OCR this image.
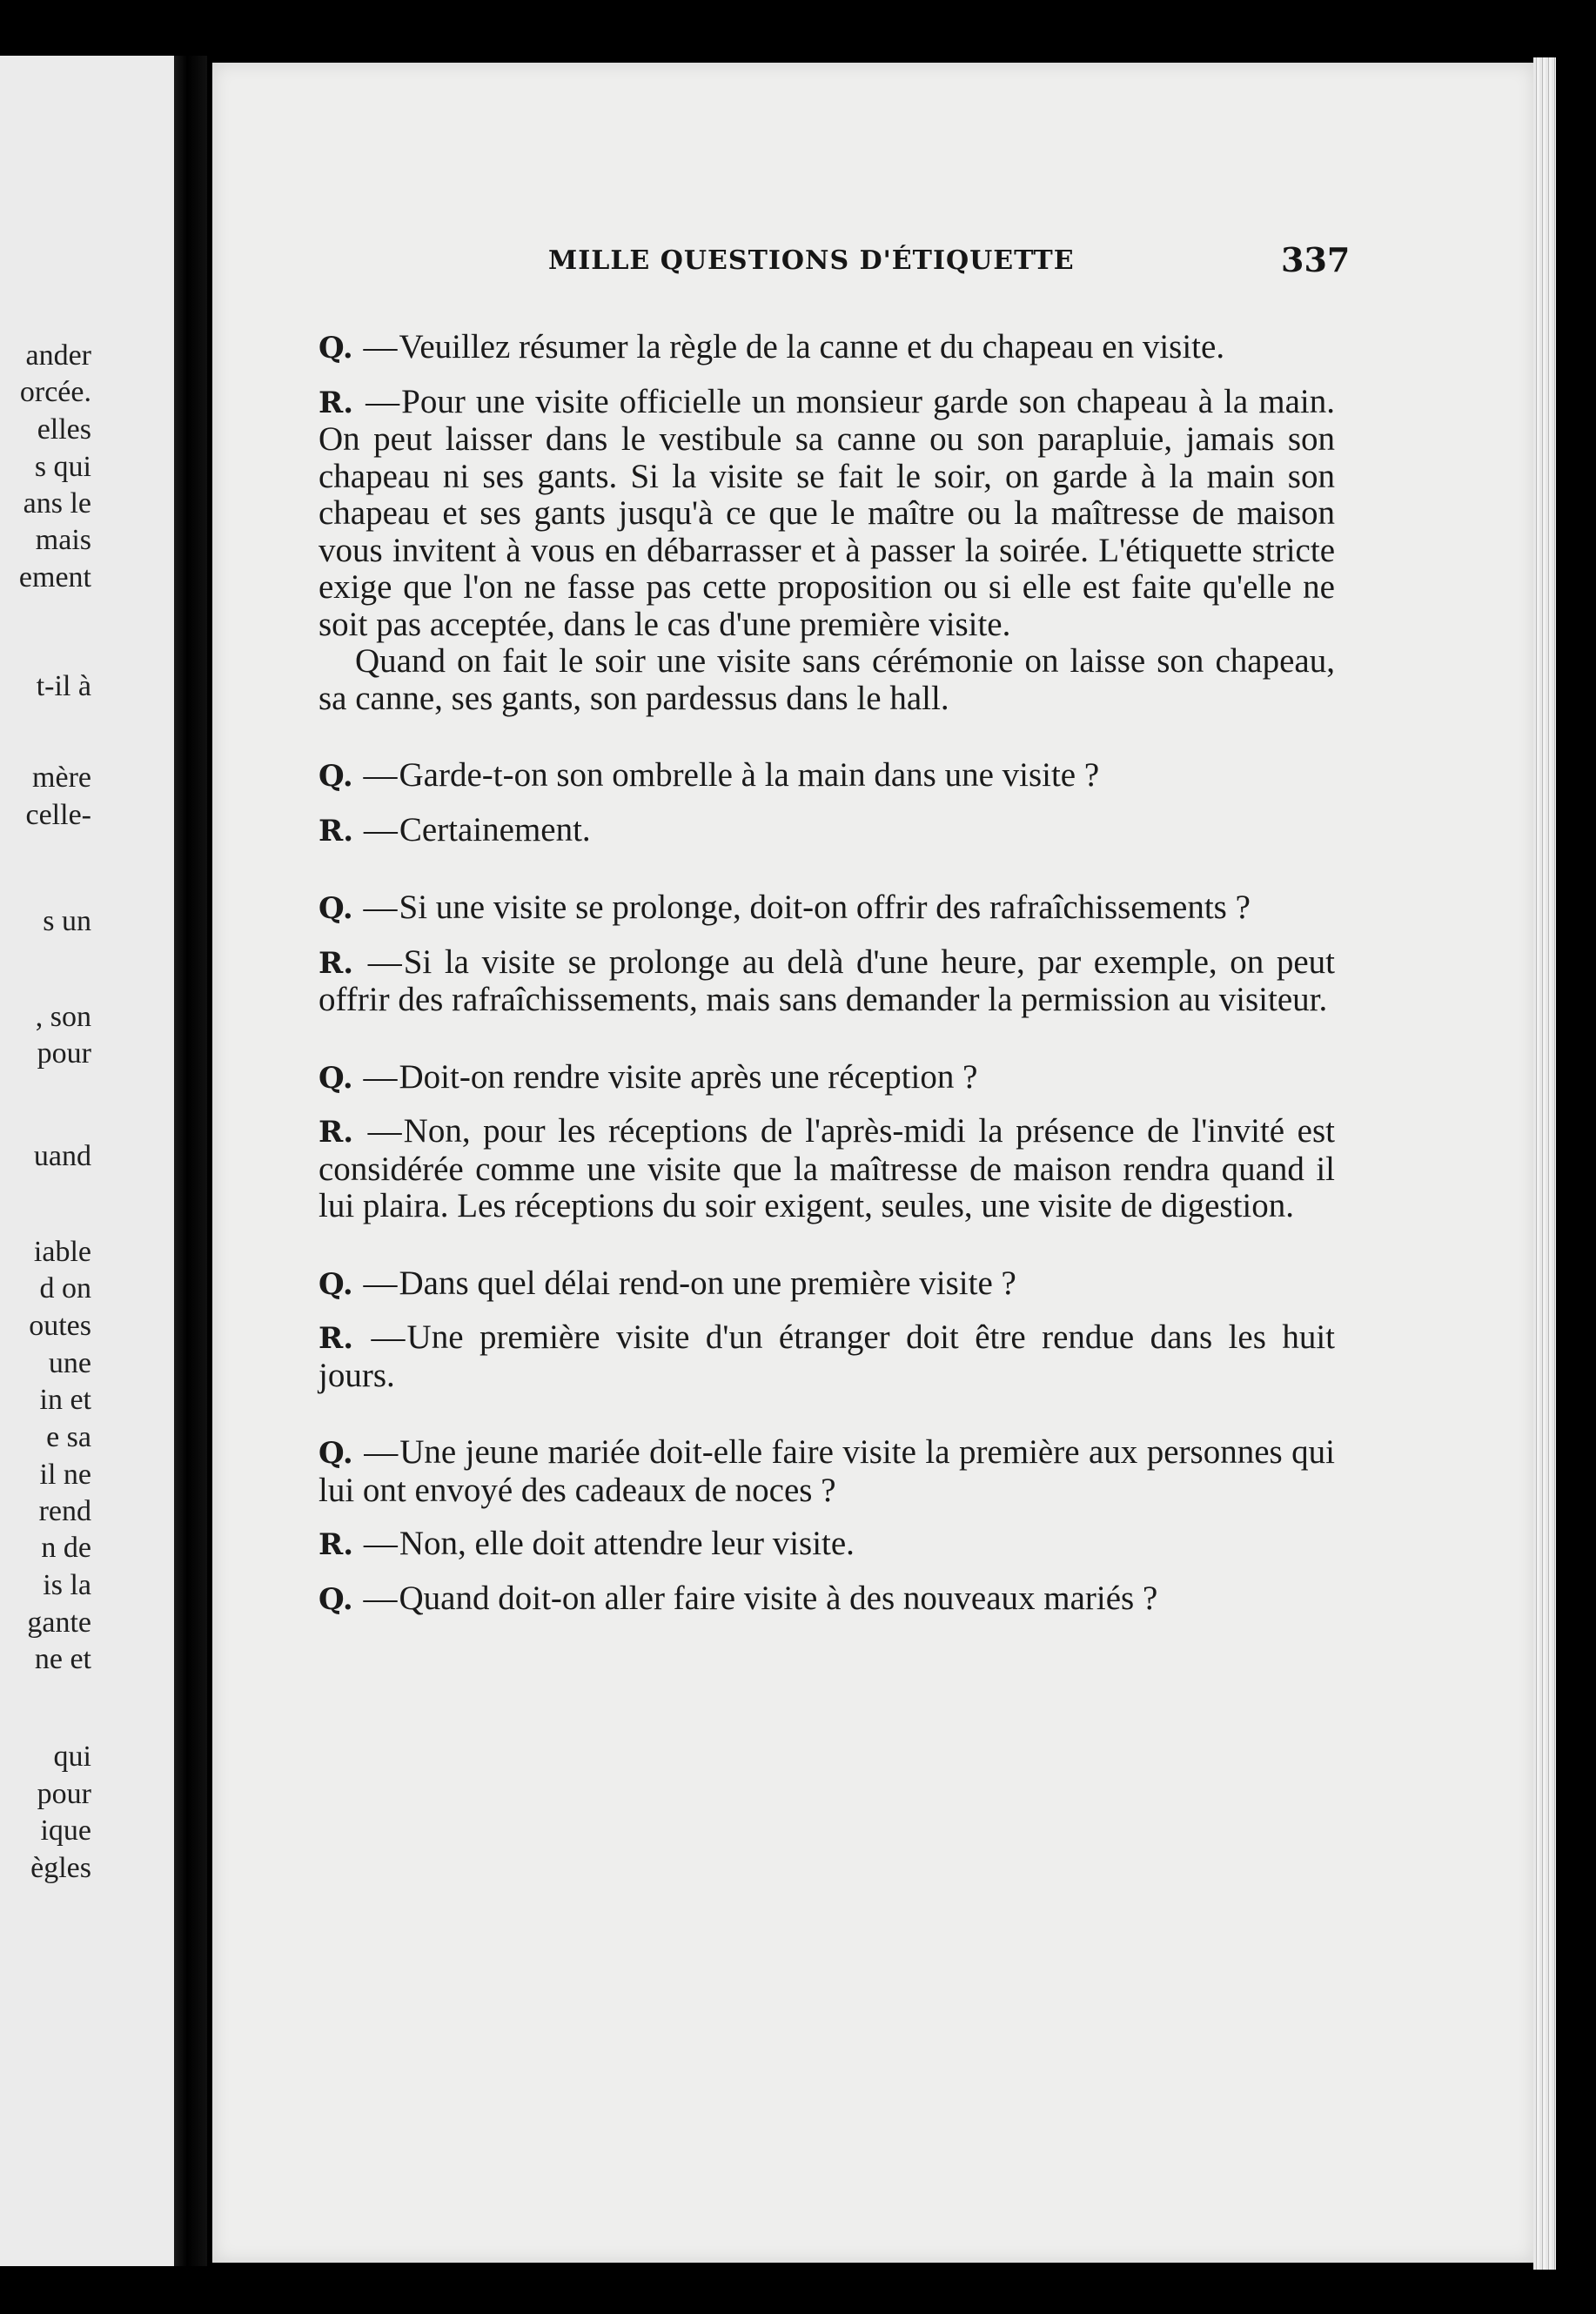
ander
orcée.
elles
s qui
ans le
mais
ement
t-il à
mère
celle-
s un
, son
pour
uand
iable
d on
outes
une
in et
e sa
il ne
rend
n de
is la
gante
ne et
qui
pour
ique
ègles
MILLE QUESTIONS D'ÉTIQUETTE	337

Q. —Veuillez résumer la règle de la canne et du chapeau en visite.

R. —Pour une visite officielle un monsieur garde son chapeau à la main. On peut laisser dans le vestibule sa canne ou son parapluie, jamais son chapeau ni ses gants. Si la visite se fait le soir, on garde à la main son chapeau et ses gants jusqu'à ce que le maître ou la maîtresse de maison vous invitent à vous en débarrasser et à passer la soirée. L'étiquette stricte exige que l'on ne fasse pas cette proposition ou si elle est faite qu'elle ne soit pas acceptée, dans le cas d'une première visite.

Quand on fait le soir une visite sans cérémonie on laisse son chapeau, sa canne, ses gants, son pardessus dans le hall.

Q. —Garde-t-on son ombrelle à la main dans une visite ?

R. —Certainement.

Q. —Si une visite se prolonge, doit-on offrir des rafraîchissements ?

R. —Si la visite se prolonge au delà d'une heure, par exemple, on peut offrir des rafraîchissements, mais sans demander la permission au visiteur.

Q. —Doit-on rendre visite après une réception ?

R. —Non, pour les réceptions de l'après-midi la présence de l'invité est considérée comme une visite que la maîtresse de maison rendra quand il lui plaira. Les réceptions du soir exigent, seules, une visite de digestion.

Q. —Dans quel délai rend-on une première visite ?

R. —Une première visite d'un étranger doit être rendue dans les huit jours.

Q. —Une jeune mariée doit-elle faire visite la première aux personnes qui lui ont envoyé des cadeaux de noces ?

R. —Non, elle doit attendre leur visite.

Q. —Quand doit-on aller faire visite à des nouveaux mariés ?
